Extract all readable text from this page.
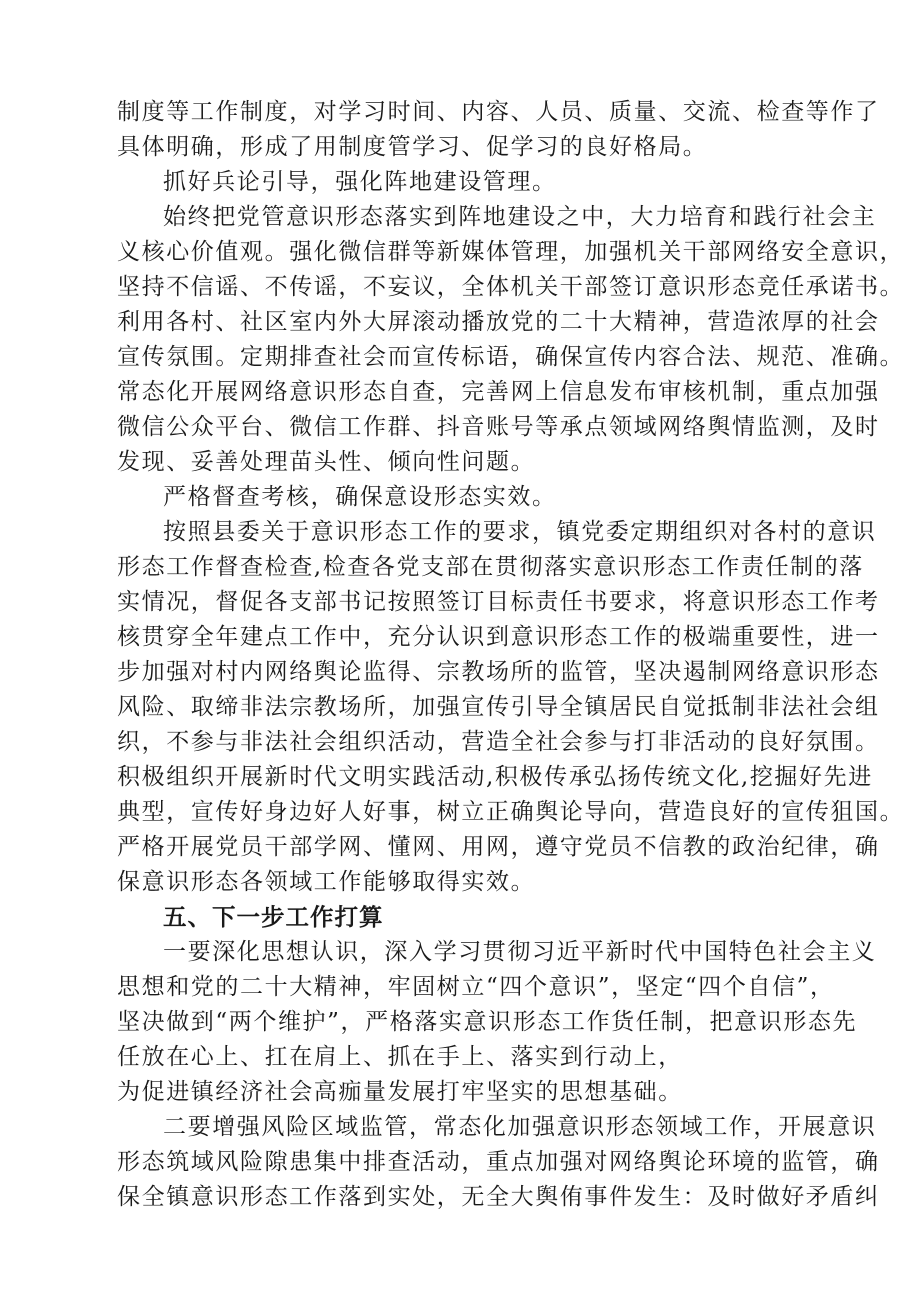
制度等工作制度，对学习时间、内容、人员、质量、交流、检查等作了
具体明确，形成了用制度管学习、促学习的良好格局。
抓好兵论引导，强化阵地建设管理。
始终把党管意识形态落实到阵地建设之中，大力培育和践行社会主
义核心价值观。强化微信群等新媒体管理，加强机关干部网络安全意识，
坚持不信谣、不传谣，不妄议，全体机关干部签订意识形态竞任承诺书。
利用各村、社区室内外大屏滚动播放党的二十大精神，营造浓厚的社会
宣传氛围。定期排查社会而宣传标语，确保宣传内容合法、规范、准确。
常态化开展网络意识形态自查，完善网上信息发布审核机制，重点加强
微信公众平台、微信工作群、抖音账号等承点领域网络舆情监测，及时
发现、妥善处理苗头性、倾向性问题。
严格督查考核，确保意设形态实效。
按照县委关于意识形态工作的要求，镇党委定期组织对各村的意识
形态工作督查检查,检查各党支部在贯彻落实意识形态工作责任制的落
实情况，督促各支部书记按照签订目标责任书要求，将意识形态工作考
核贯穿全年建点工作中，充分认识到意识形态工作的极端重要性，进一
步加强对村内网络舆论监得、宗教场所的监管，坚决遏制网络意识形态
风险、取缔非法宗教场所，加强宣传引导全镇居民自觉抵制非法社会组
织，不参与非法社会组织活动，营造全社会参与打非活动的良好氛围。
积极组织开展新时代文明实践活动,积极传承弘扬传统文化,挖掘好先进
典型，宣传好身边好人好事，树立正确舆论导向，营造良好的宣传狙国。
严格开展党员干部学网、懂网、用网，遵守党员不信教的政治纪律，确
保意识形态各领域工作能够取得实效。
五、下一步工作打算
一要深化思想认识，深入学习贯彻习近平新时代中国特色社会主义
思想和党的二十大精神，牢固树立“四个意识”，坚定“四个自信”，
坚决做到“两个维护”，严格落实意识形态工作货任制，把意识形态先
任放在心上、扛在肩上、抓在手上、落实到行动上，
为促进镇经济社会高痂量发展打牢坚实的思想基础。
二要增强风险区域监管，常态化加强意识形态领域工作，开展意识
形态筑域风险隙患集中排查活动，重点加强对网络舆论环境的监管，确
保全镇意识形态工作落到实处，无全大舆侑事件发生：及时做好矛盾纠
